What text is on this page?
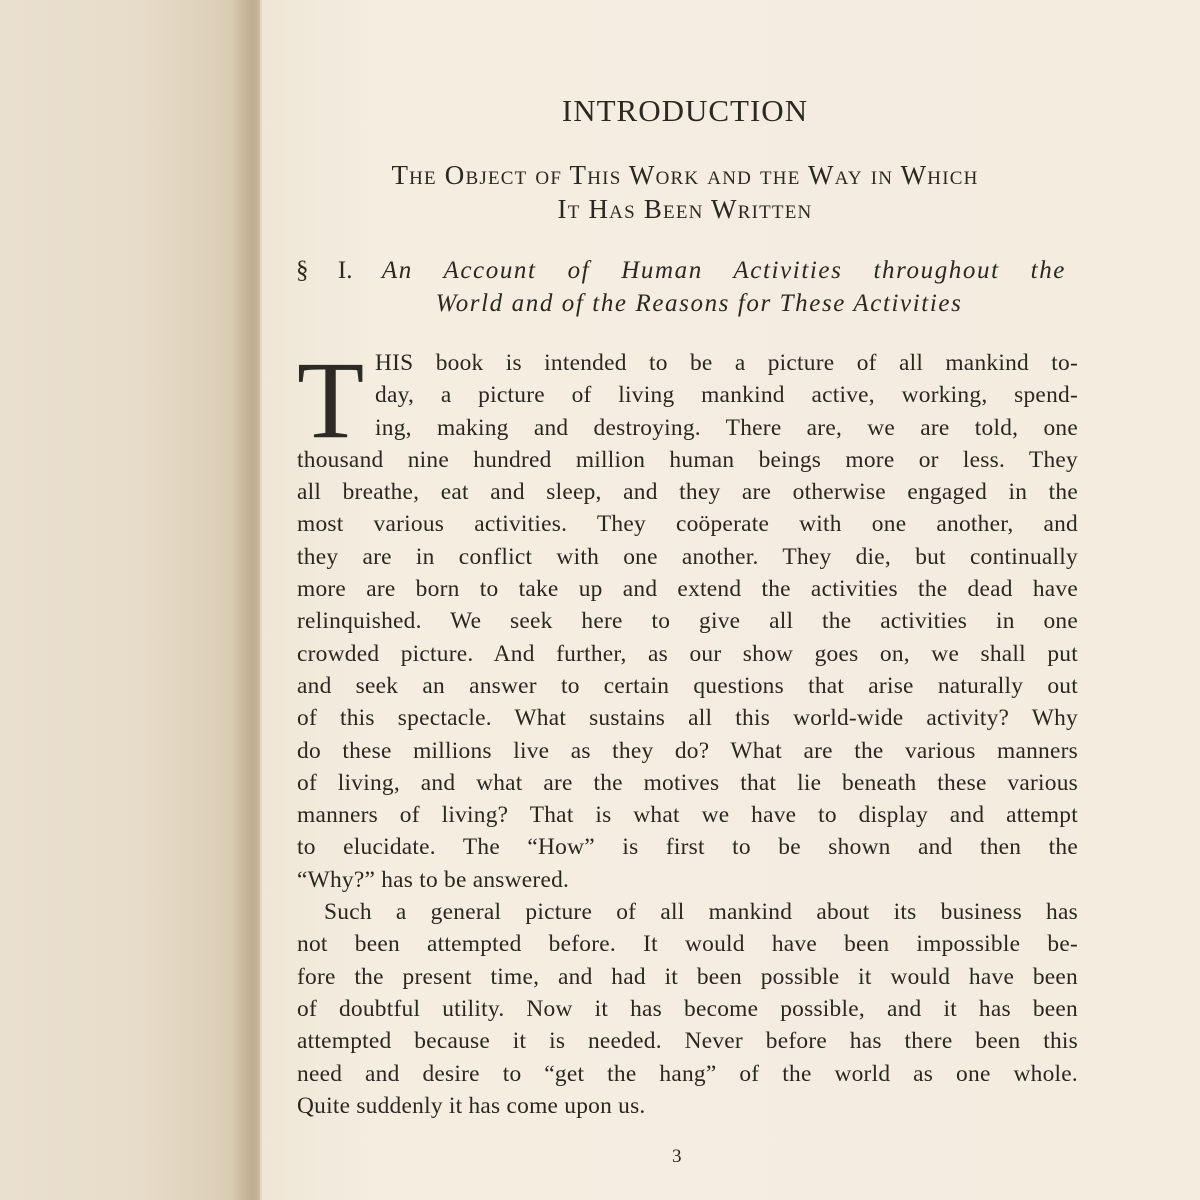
INTRODUCTION
The Object of This Work and the Way in Which
It Has Been Written
§ I. An Account of Human Activities throughout the
World and of the Reasons for These Activities
T HIS book is intended to be a picture of all mankind to-
day, a picture of living mankind active, working, spend-
ing, making and destroying. There are, we are told, one
thousand nine hundred million human beings more or less. They
all breathe, eat and sleep, and they are otherwise engaged in the
most various activities. They coöperate with one another, and
they are in conflict with one another. They die, but continually
more are born to take up and extend the activities the dead have
relinquished. We seek here to give all the activities in one
crowded picture. And further, as our show goes on, we shall put
and seek an answer to certain questions that arise naturally out
of this spectacle. What sustains all this world-wide activity? Why
do these millions live as they do? What are the various manners
of living, and what are the motives that lie beneath these various
manners of living? That is what we have to display and attempt
to elucidate. The “How” is first to be shown and then the
“Why?” has to be answered.
Such a general picture of all mankind about its business has
not been attempted before. It would have been impossible be-
fore the present time, and had it been possible it would have been
of doubtful utility. Now it has become possible, and it has been
attempted because it is needed. Never before has there been this
need and desire to “get the hang” of the world as one whole.
Quite suddenly it has come upon us.
3
